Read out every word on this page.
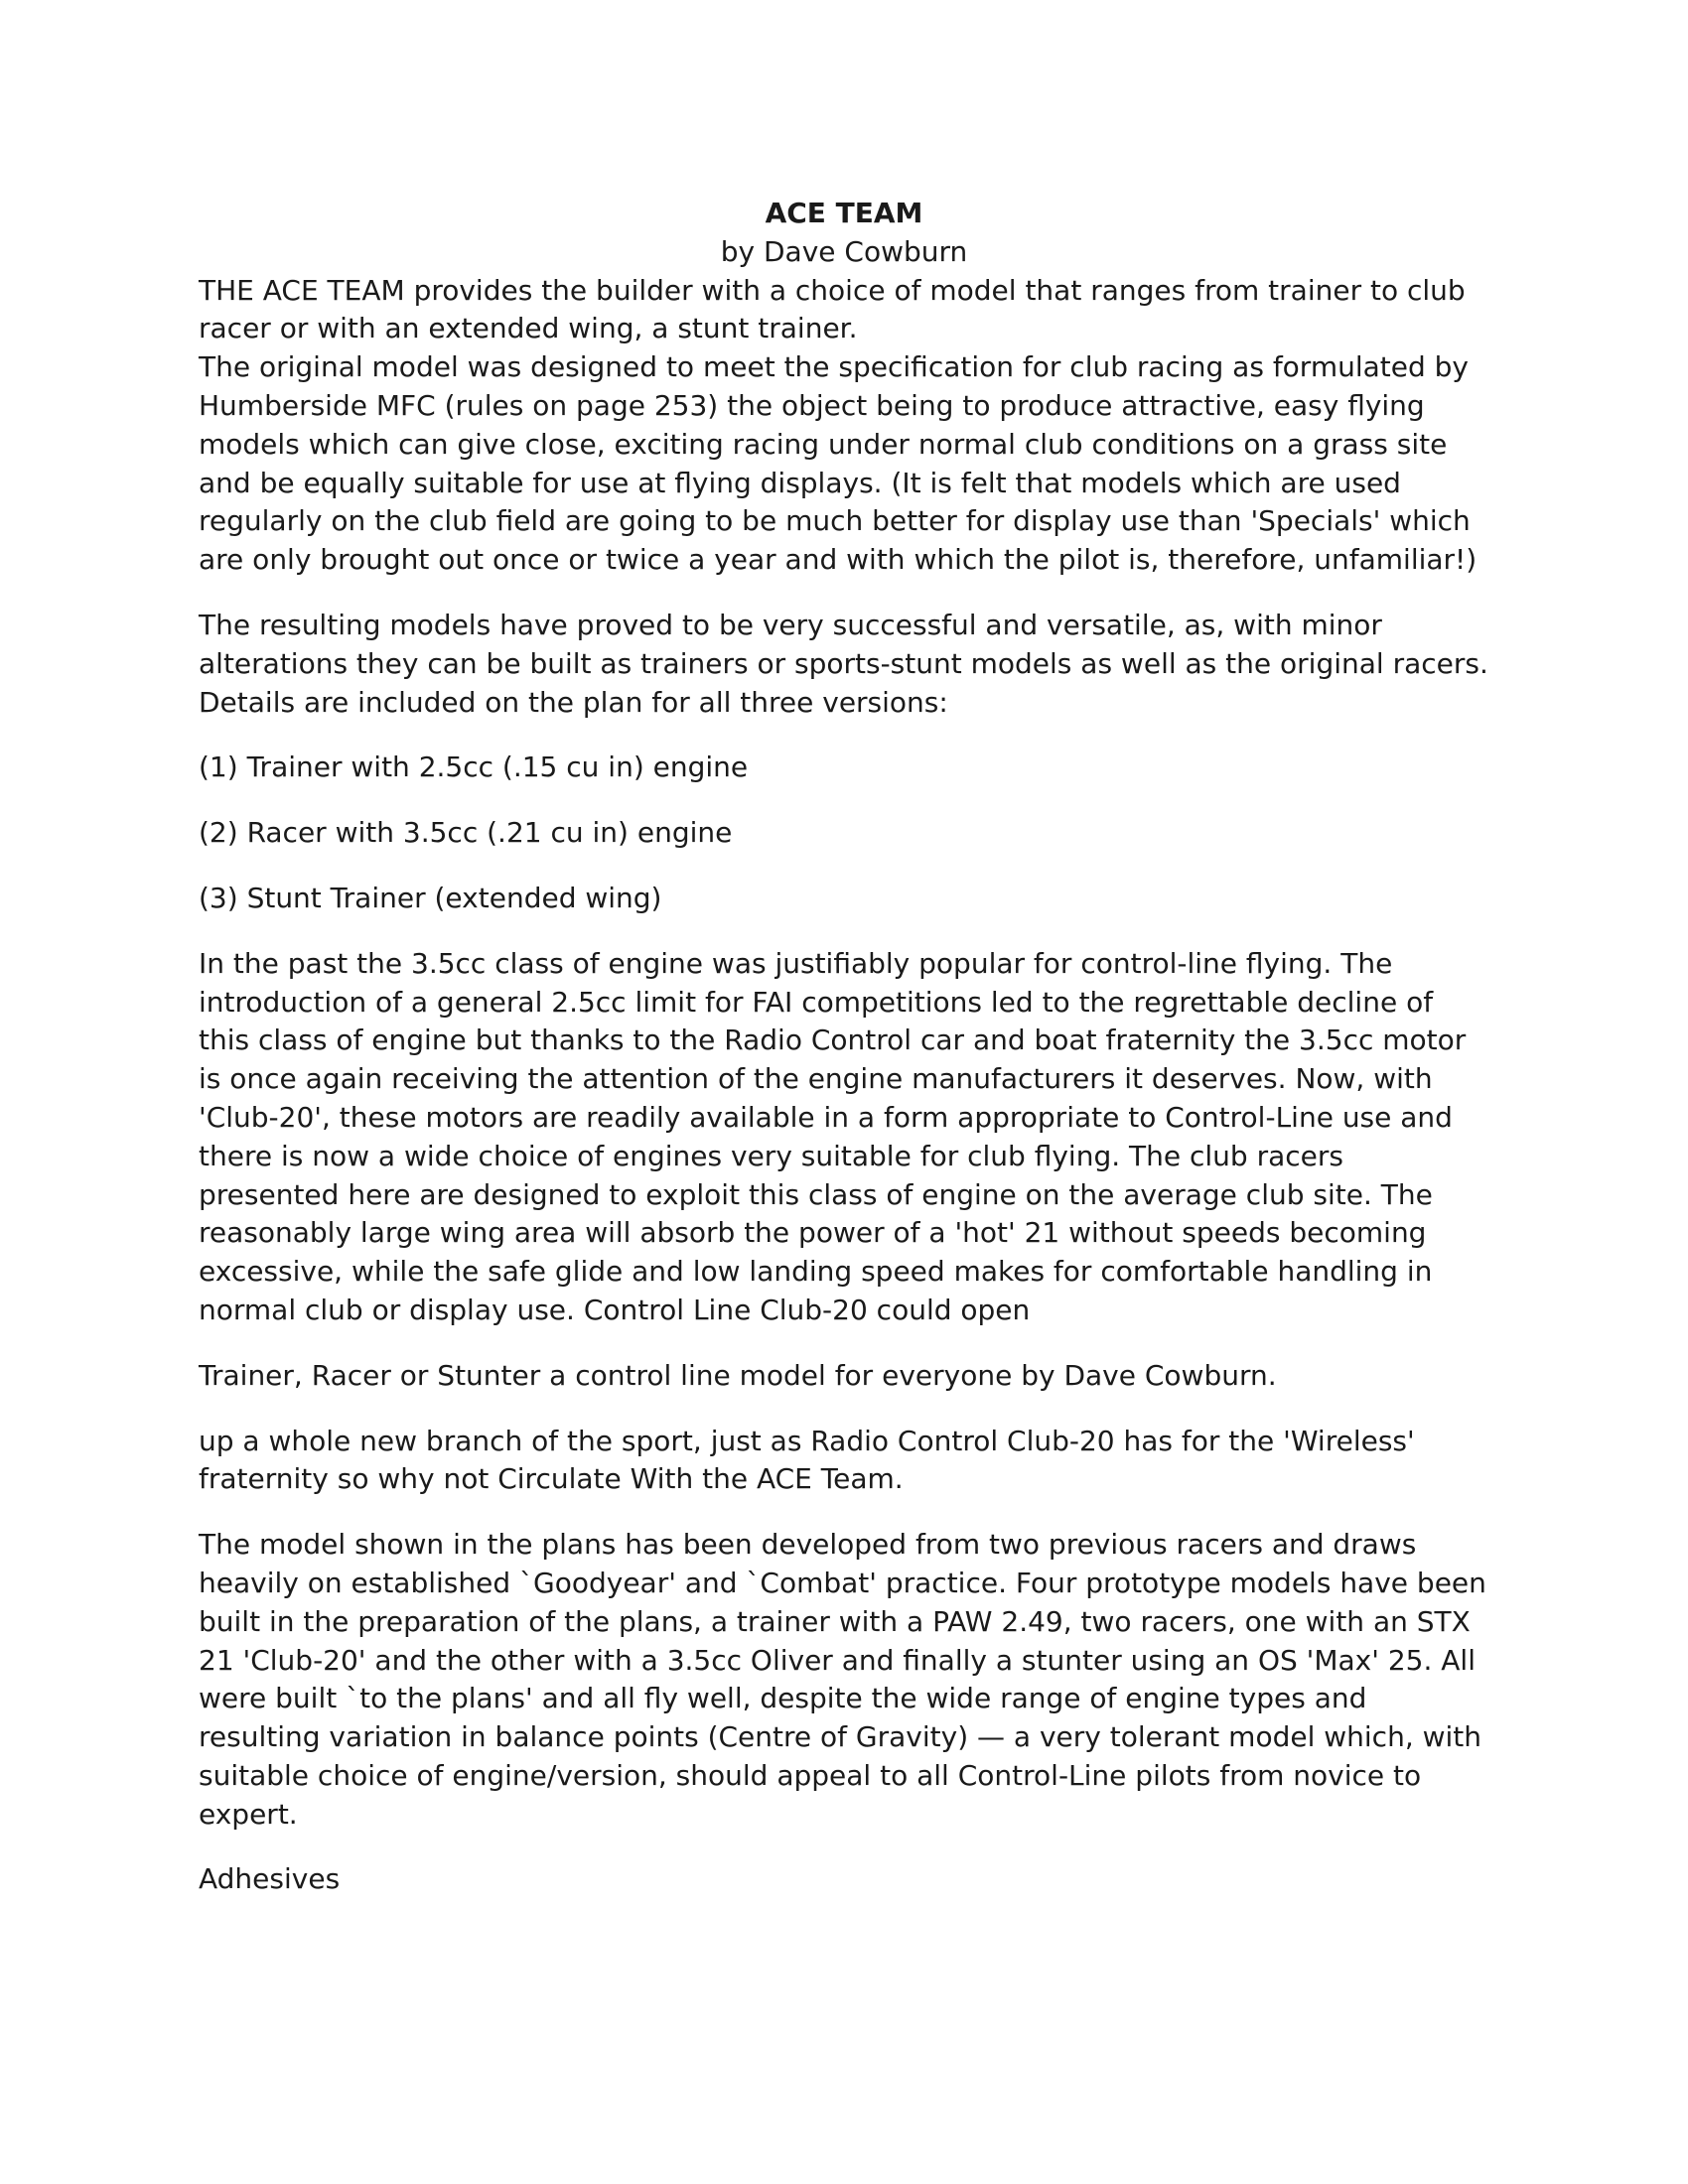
ACE TEAM
by Dave Cowburn

THE ACE TEAM provides the builder with a choice of model that ranges from trainer to club racer or with an extended wing, a stunt trainer.

The original model was designed to meet the specification for club racing as formulated by Humberside MFC (rules on page 253) the object being to produce attractive, easy flying models which can give close, exciting racing under normal club conditions on a grass site and be equally suitable for use at flying displays. (It is felt that models which are used regularly on the club field are going to be much better for display use than 'Specials' which are only brought out once or twice a year and with which the pilot is, therefore, unfamiliar!)

The resulting models have proved to be very successful and versatile, as, with minor alterations they can be built as trainers or sports-stunt models as well as the original racers. Details are included on the plan for all three versions:

(1) Trainer with 2.5cc (.15 cu in) engine

(2) Racer with 3.5cc (.21 cu in) engine

(3) Stunt Trainer (extended wing)

In the past the 3.5cc class of engine was justifiably popular for control-line flying. The introduction of a general 2.5cc limit for FAI competitions led to the regrettable decline of this class of engine but thanks to the Radio Control car and boat fraternity the 3.5cc motor is once again receiving the attention of the engine manufacturers it deserves. Now, with 'Club-20', these motors are readily available in a form appropriate to Control-Line use and there is now a wide choice of engines very suitable for club flying. The club racers presented here are designed to exploit this class of engine on the average club site. The reasonably large wing area will absorb the power of a 'hot' 21 without speeds becoming excessive, while the safe glide and low landing speed makes for comfortable handling in normal club or display use. Control Line Club-20 could open

Trainer, Racer or Stunter a control line model for everyone by Dave Cowburn.

up a whole new branch of the sport, just as Radio Control Club-20 has for the 'Wireless' fraternity so why not Circulate With the ACE Team.

The model shown in the plans has been developed from two previous racers and draws heavily on established `Goodyear' and `Combat' practice. Four prototype models have been built in the preparation of the plans, a trainer with a PAW 2.49, two racers, one with an STX 21 'Club-20' and the other with a 3.5cc Oliver and finally a stunter using an OS 'Max' 25. All were built `to the plans' and all fly well, despite the wide range of engine types and resulting variation in balance points (Centre of Gravity) — a very tolerant model which, with suitable choice of engine/version, should appeal to all Control-Line pilots from novice to expert.

Adhesives
